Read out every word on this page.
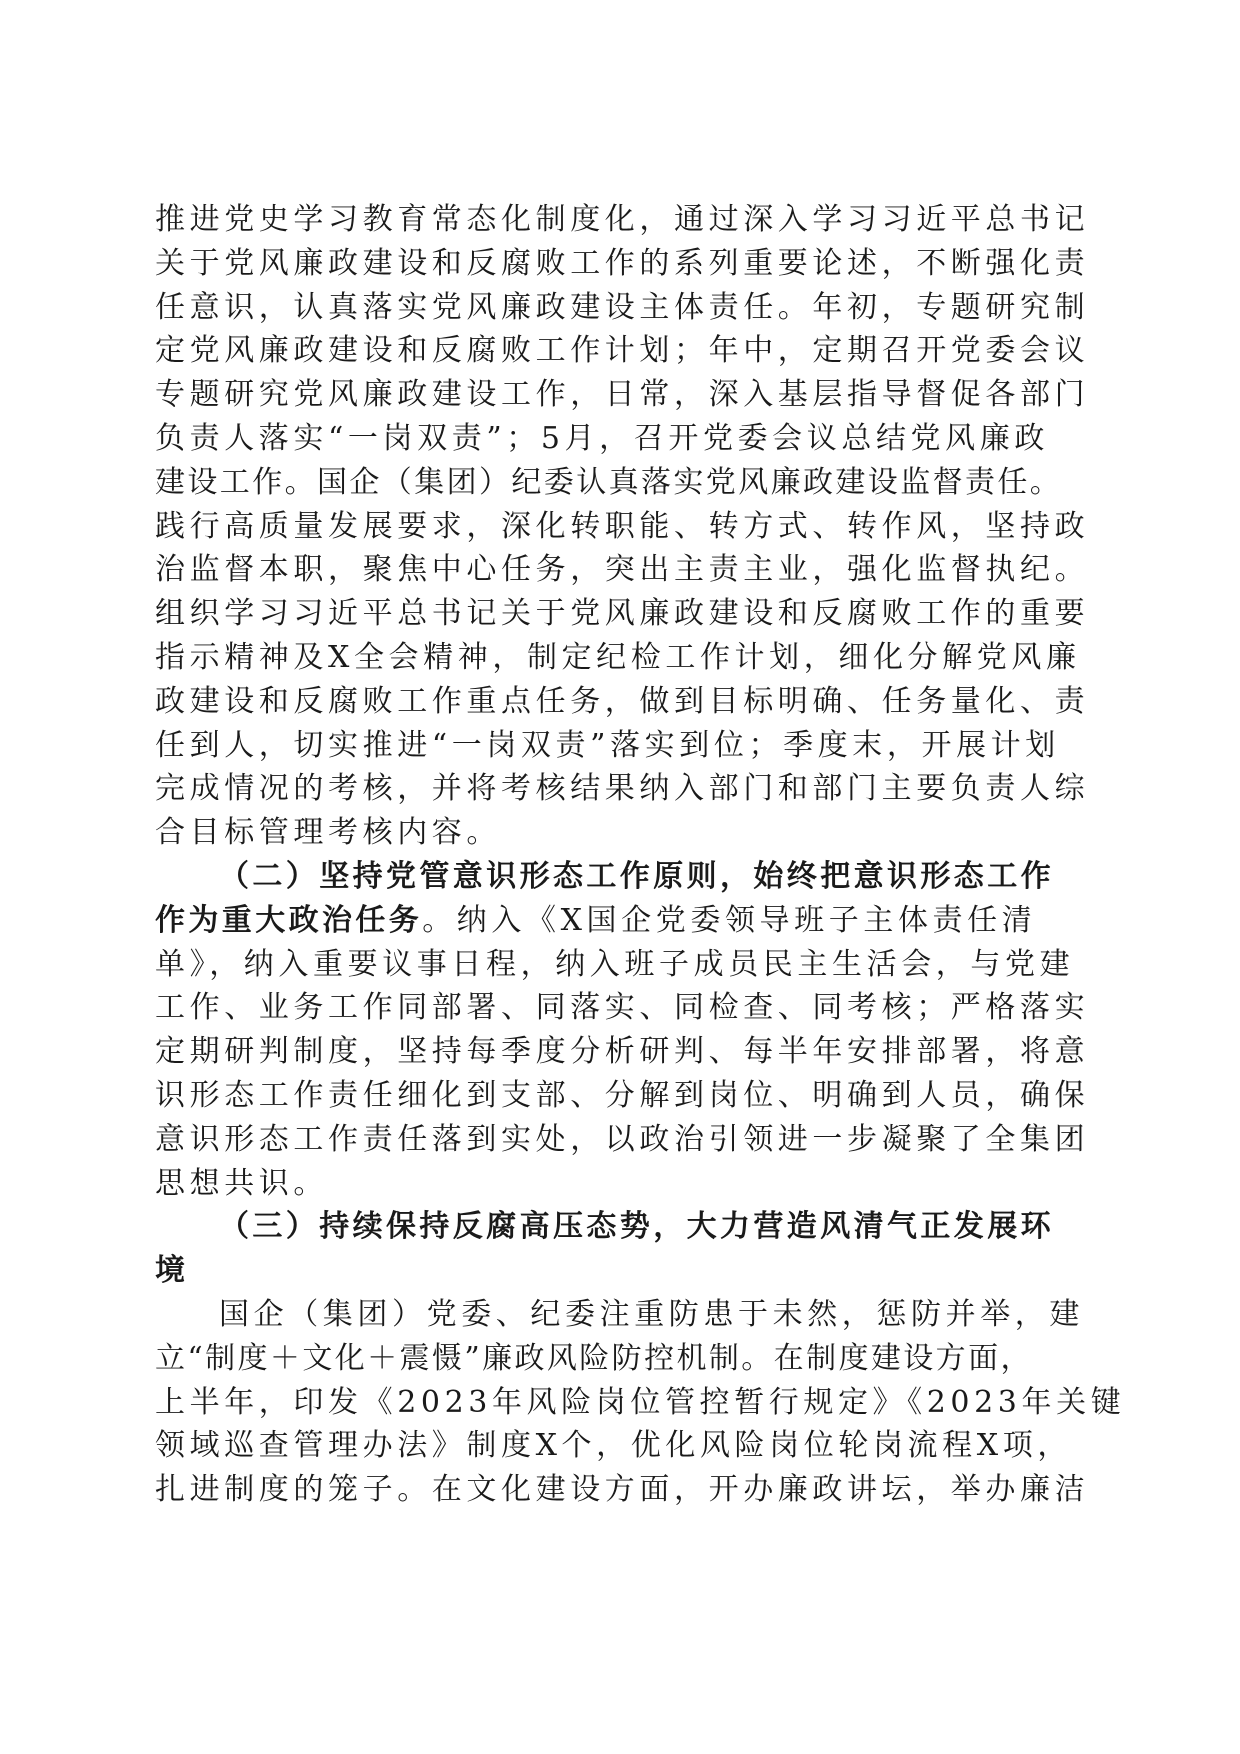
推进党史学习教育常态化制度化，通过深入学习习近平总书记
关于党风廉政建设和反腐败工作的系列重要论述，不断强化责
任意识，认真落实党风廉政建设主体责任。年初，专题研究制
定党风廉政建设和反腐败工作计划；年中，定期召开党委会议
专题研究党风廉政建设工作，日常，深入基层指导督促各部门
负责人落实“一岗双责”；5月，召开党委会议总结党风廉政
建设工作。国企（集团）纪委认真落实党风廉政建设监督责任。
践行高质量发展要求，深化转职能、转方式、转作风，坚持政
治监督本职，聚焦中心任务，突出主责主业，强化监督执纪。
组织学习习近平总书记关于党风廉政建设和反腐败工作的重要
指示精神及X全会精神，制定纪检工作计划，细化分解党风廉
政建设和反腐败工作重点任务，做到目标明确、任务量化、责
任到人，切实推进“一岗双责”落实到位；季度末，开展计划
完成情况的考核，并将考核结果纳入部门和部门主要负责人综
合目标管理考核内容。
（二）坚持党管意识形态工作原则，始终把意识形态工作
作为重大政治任务。纳入《X国企党委领导班子主体责任清
单》，纳入重要议事日程，纳入班子成员民主生活会，与党建
工作、业务工作同部署、同落实、同检查、同考核；严格落实
定期研判制度，坚持每季度分析研判、每半年安排部署，将意
识形态工作责任细化到支部、分解到岗位、明确到人员，确保
意识形态工作责任落到实处，以政治引领进一步凝聚了全集团
思想共识。
（三）持续保持反腐高压态势，大力营造风清气正发展环
境
国企（集团）党委、纪委注重防患于未然，惩防并举，建
立“制度＋文化＋震慑”廉政风险防控机制。在制度建设方面，
上半年，印发《2023年风险岗位管控暂行规定》《2023年关键
领域巡查管理办法》制度X个，优化风险岗位轮岗流程X项，
扎进制度的笼子。在文化建设方面，开办廉政讲坛，举办廉洁
